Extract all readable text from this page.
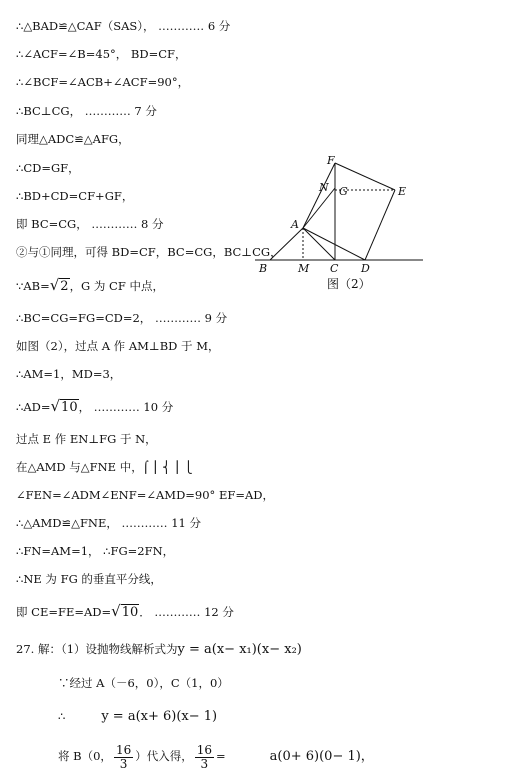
∴△BAD≌△CAF（SAS）， ………… 6 分
∴∠ACF=∠B=45°， BD=CF，
∴∠BCF=∠ACB+∠ACF=90°，
∴BC⊥CG， ………… 7 分
同理△ADC≌△AFG，
∴CD=GF，
∴BD+CD=CF+GF，
即 BC=CG， ………… 8 分
②与①同理，可得 BD=CF，BC=CG，BC⊥CG，
∵AB=√2，G 为 CF 中点，
∴BC=CG=FG=CD=2， ………… 9 分
如图（2），过点 A 作 AM⊥BD 于 M，
∴AM=1，MD=3，
∴AD=√10， ………… 10 分
过点 E 作 EN⊥FG 于 N，
在△AMD 与△FNE 中，⌠ ⎮ ⎨ ⎮ ⎩
∠FEN=∠ADM∠ENF=∠AMD=90° EF=AD，
∴△AMD≌△FNE， ………… 11 分
∴FN=AM=1， ∴FG=2FN，
∴NE 为 FG 的垂直平分线，
即 CE=FE=AD=√10． ………… 12 分
27. 解：（1）设抛物线解析式为y = a(x− x₁)(x− x₂)
∵经过 A（－6，0），C（1，0）
∴	y = a(x+ 6)(x− 1)
将 B（0， $\frac{16}{3}$ ）代入得， $\frac{16}{3}$ =	a(0+ 6)(0− 1)，
F
N G	E
A
B	M C D
图（2）
